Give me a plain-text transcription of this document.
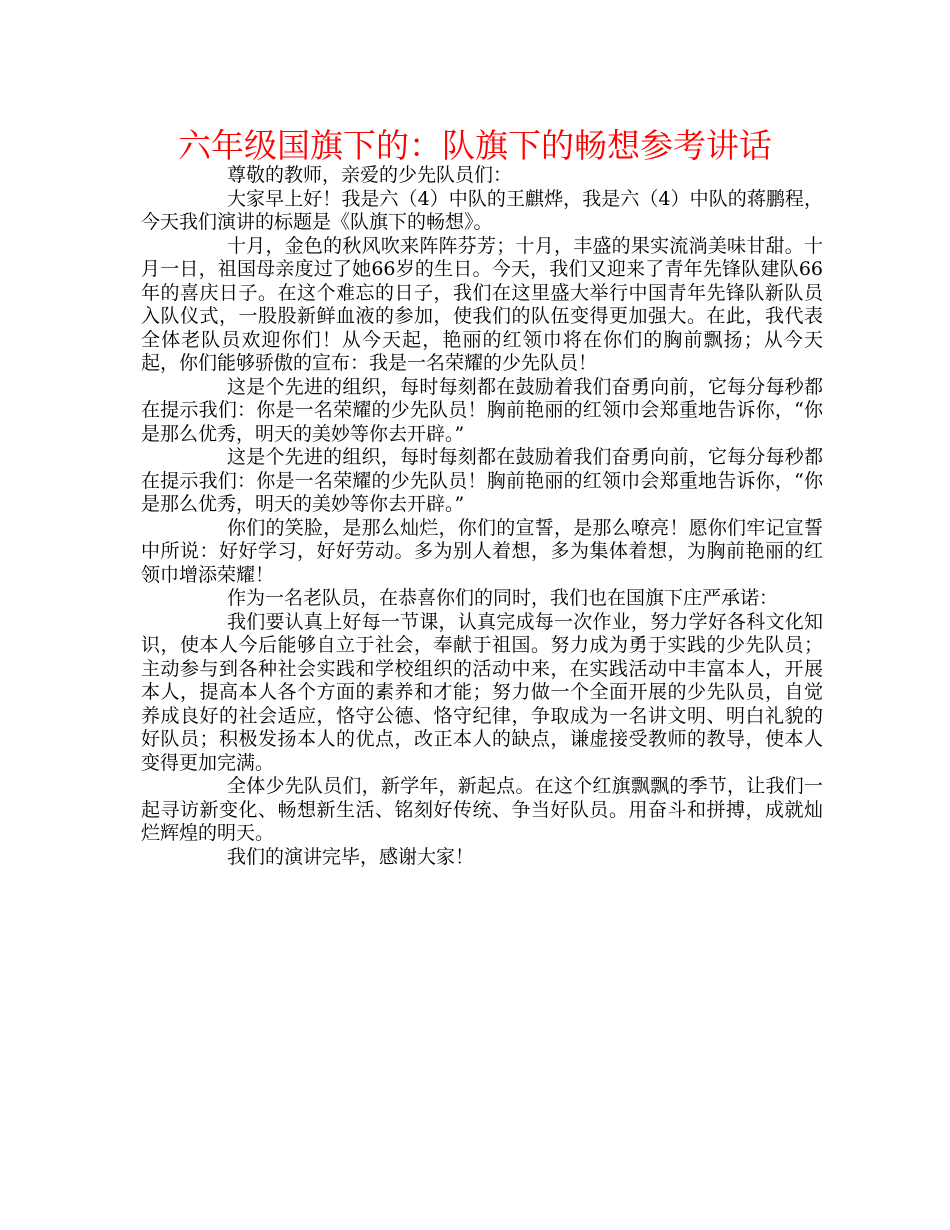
六年级国旗下的：队旗下的畅想参考讲话

尊敬的教师，亲爱的少先队员们：

大家早上好！我是六（4）中队的王麒烨，我是六（4）中队的蒋鹏程，今天我们演讲的标题是《队旗下的畅想》。

十月，金色的秋风吹来阵阵芬芳；十月，丰盛的果实流淌美味甘甜。十月一日，祖国母亲度过了她66岁的生日。今天，我们又迎来了青年先锋队建队66年的喜庆日子。在这个难忘的日子，我们在这里盛大举行中国青年先锋队新队员入队仪式，一股股新鲜血液的参加，使我们的队伍变得更加强大。在此，我代表全体老队员欢迎你们！从今天起，艳丽的红领巾将在你们的胸前飘扬；从今天起，你们能够骄傲的宣布：我是一名荣耀的少先队员！

这是个先进的组织，每时每刻都在鼓励着我们奋勇向前，它每分每秒都在提示我们：你是一名荣耀的少先队员！胸前艳丽的红领巾会郑重地告诉你，“你是那么优秀，明天的美妙等你去开辟。”

这是个先进的组织，每时每刻都在鼓励着我们奋勇向前，它每分每秒都在提示我们：你是一名荣耀的少先队员！胸前艳丽的红领巾会郑重地告诉你，“你是那么优秀，明天的美妙等你去开辟。”

你们的笑脸，是那么灿烂，你们的宣誓，是那么嘹亮！愿你们牢记宣誓中所说：好好学习，好好劳动。多为别人着想，多为集体着想，为胸前艳丽的红领巾增添荣耀！

作为一名老队员，在恭喜你们的同时，我们也在国旗下庄严承诺：

我们要认真上好每一节课，认真完成每一次作业，努力学好各科文化知识，使本人今后能够自立于社会，奉献于祖国。努力成为勇于实践的少先队员；主动参与到各种社会实践和学校组织的活动中来，在实践活动中丰富本人，开展本人，提高本人各个方面的素养和才能；努力做一个全面开展的少先队员，自觉养成良好的社会适应，恪守公德、恪守纪律，争取成为一名讲文明、明白礼貌的好队员；积极发扬本人的优点，改正本人的缺点，谦虚接受教师的教导，使本人变得更加完满。

全体少先队员们，新学年，新起点。在这个红旗飘飘的季节，让我们一起寻访新变化、畅想新生活、铭刻好传统、争当好队员。用奋斗和拼搏，成就灿烂辉煌的明天。

我们的演讲完毕，感谢大家！
